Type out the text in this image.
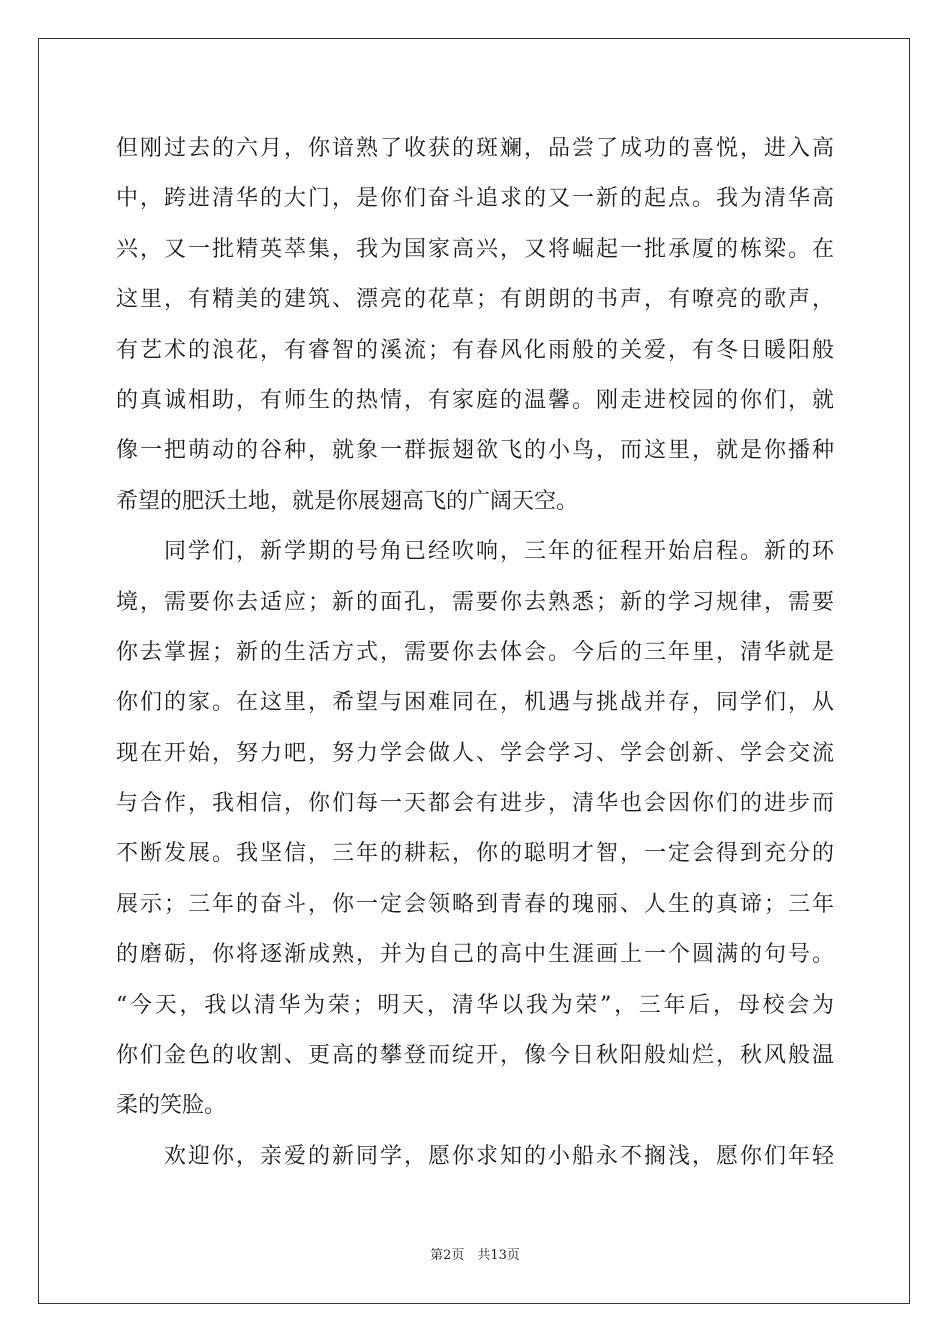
但刚过去的六月，你谙熟了收获的斑斓，品尝了成功的喜悦，进入高
中，跨进清华的大门，是你们奋斗追求的又一新的起点。我为清华高
兴，又一批精英萃集，我为国家高兴，又将崛起一批承厦的栋梁。在
这里，有精美的建筑、漂亮的花草；有朗朗的书声，有嘹亮的歌声，
有艺术的浪花，有睿智的溪流；有春风化雨般的关爱，有冬日暖阳般
的真诚相助，有师生的热情，有家庭的温馨。刚走进校园的你们，就
像一把萌动的谷种，就象一群振翅欲飞的小鸟，而这里，就是你播种
希望的肥沃土地，就是你展翅高飞的广阔天空。
　　同学们，新学期的号角已经吹响，三年的征程开始启程。新的环
境，需要你去适应；新的面孔，需要你去熟悉；新的学习规律，需要
你去掌握；新的生活方式，需要你去体会。今后的三年里，清华就是
你们的家。在这里，希望与困难同在，机遇与挑战并存，同学们，从
现在开始，努力吧，努力学会做人、学会学习、学会创新、学会交流
与合作，我相信，你们每一天都会有进步，清华也会因你们的进步而
不断发展。我坚信，三年的耕耘，你的聪明才智，一定会得到充分的
展示；三年的奋斗，你一定会领略到青春的瑰丽、人生的真谛；三年
的磨砺，你将逐渐成熟，并为自己的高中生涯画上一个圆满的句号。
“今天，我以清华为荣；明天，清华以我为荣”，三年后，母校会为
你们金色的收割、更高的攀登而绽开，像今日秋阳般灿烂，秋风般温
柔的笑脸。
　　欢迎你，亲爱的新同学，愿你求知的小船永不搁浅，愿你们年轻
第2页　共13页
